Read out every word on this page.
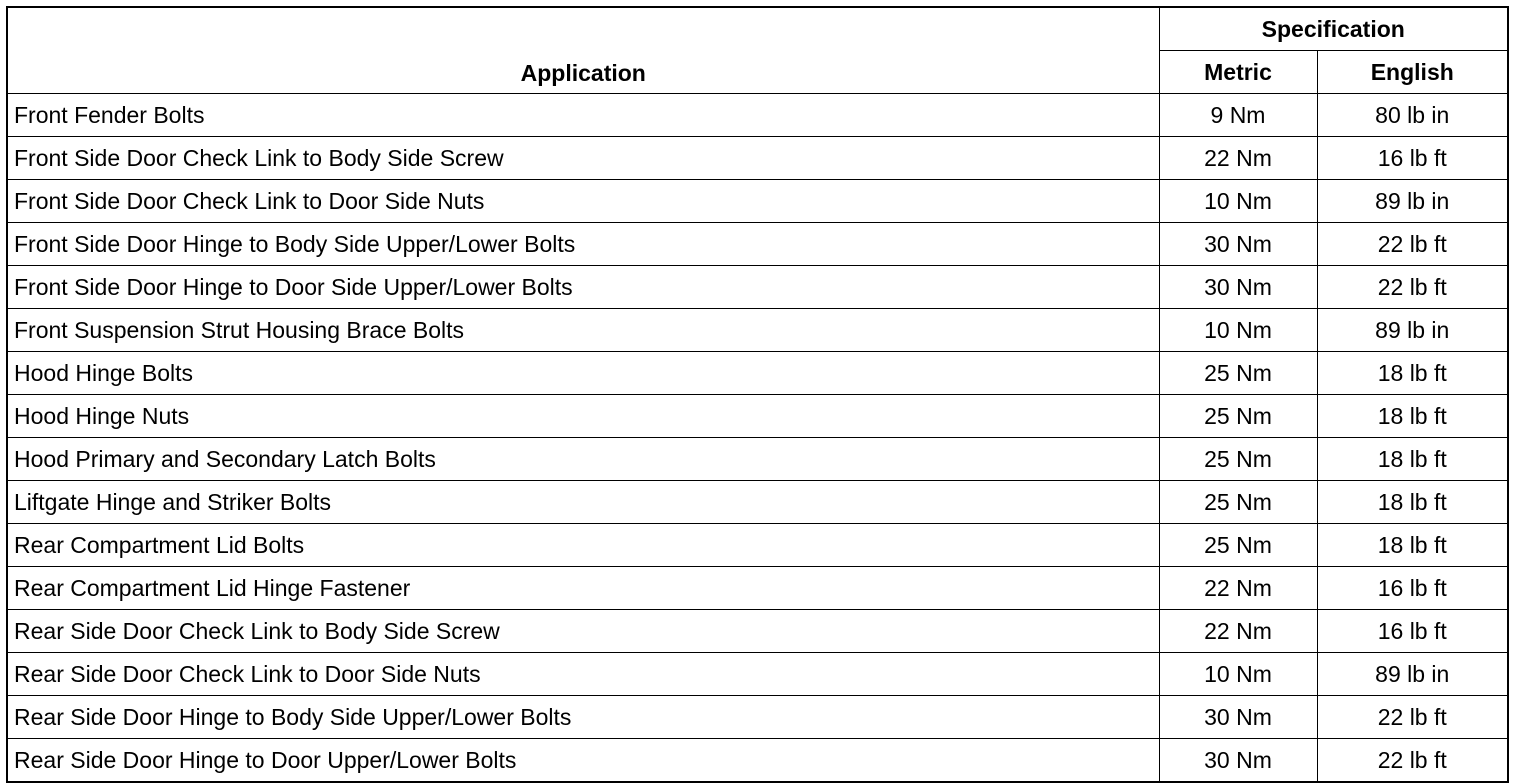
Application	Specification	
	Metric	English
Front Fender Bolts	9 Nm	80 lb in
Front Side Door Check Link to Body Side Screw	22 Nm	16 lb ft
Front Side Door Check Link to Door Side Nuts	10 Nm	89 lb in
Front Side Door Hinge to Body Side Upper/Lower Bolts	30 Nm	22 lb ft
Front Side Door Hinge to Door Side Upper/Lower Bolts	30 Nm	22 lb ft
Front Suspension Strut Housing Brace Bolts	10 Nm	89 lb in
Hood Hinge Bolts	25 Nm	18 lb ft
Hood Hinge Nuts	25 Nm	18 lb ft
Hood Primary and Secondary Latch Bolts	25 Nm	18 lb ft
Liftgate Hinge and Striker Bolts	25 Nm	18 lb ft
Rear Compartment Lid Bolts	25 Nm	18 lb ft
Rear Compartment Lid Hinge Fastener	22 Nm	16 lb ft
Rear Side Door Check Link to Body Side Screw	22 Nm	16 lb ft
Rear Side Door Check Link to Door Side Nuts	10 Nm	89 lb in
Rear Side Door Hinge to Body Side Upper/Lower Bolts	30 Nm	22 lb ft
Rear Side Door Hinge to Door Upper/Lower Bolts	30 Nm	22 lb ft
